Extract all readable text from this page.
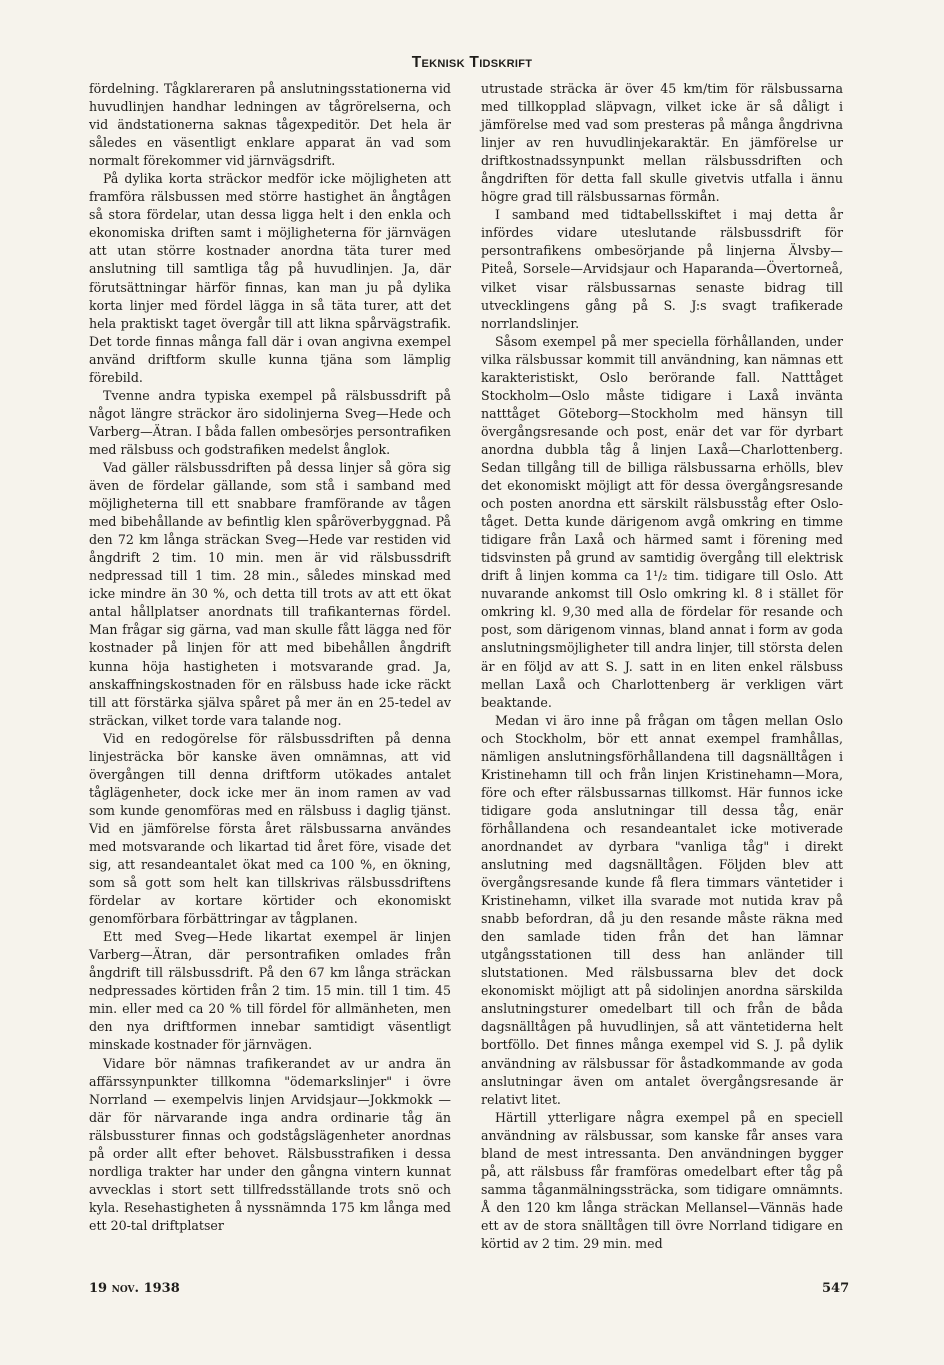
Teknisk Tidskrift

fördelning. Tågklareraren på anslutningsstationerna vid huvudlinjen handhar ledningen av tågrörelserna, och vid ändstationerna saknas tågexpeditör. Det hela är således en väsentligt enklare apparat än vad som normalt förekommer vid järnvägsdrift.

På dylika korta sträckor medför icke möjligheten att framföra rälsbussen med större hastighet än ångtågen så stora fördelar, utan dessa ligga helt i den enkla och ekonomiska driften samt i möjligheterna för järnvägen att utan större kostnader anordna täta turer med anslutning till samtliga tåg på huvudlinjen. Ja, där förutsättningar härför finnas, kan man ju på dylika korta linjer med fördel lägga in så täta turer, att det hela praktiskt taget övergår till att likna spårvägstrafik. Det torde finnas många fall där i ovan angivna exempel använd driftform skulle kunna tjäna som lämplig förebild.

Tvenne andra typiska exempel på rälsbussdrift på något längre sträckor äro sidolinjerna Sveg—Hede och Varberg—Ätran. I båda fallen ombesörjes persontrafiken med rälsbuss och godstrafiken medelst ånglok.

Vad gäller rälsbussdriften på dessa linjer så göra sig även de fördelar gällande, som stå i samband med möjligheterna till ett snabbare framförande av tågen med bibehållande av befintlig klen spåröverbyggnad. På den 72 km långa sträckan Sveg—Hede var restiden vid ångdrift 2 tim. 10 min. men är vid rälsbussdrift nedpressad till 1 tim. 28 min., således minskad med icke mindre än 30 %, och detta till trots av att ett ökat antal hållplatser anordnats till trafikanternas fördel. Man frågar sig gärna, vad man skulle fått lägga ned för kostnader på linjen för att med bibehållen ångdrift kunna höja hastigheten i motsvarande grad. Ja, anskaffningskostnaden för en rälsbuss hade icke räckt till att förstärka själva spåret på mer än en 25-tedel av sträckan, vilket torde vara talande nog.

Vid en redogörelse för rälsbussdriften på denna linjesträcka bör kanske även omnämnas, att vid övergången till denna driftform utökades antalet tåglägenheter, dock icke mer än inom ramen av vad som kunde genomföras med en rälsbuss i daglig tjänst. Vid en jämförelse första året rälsbussarna användes med motsvarande och likartad tid året före, visade det sig, att resandeantalet ökat med ca 100 %, en ökning, som så gott som helt kan tillskrivas rälsbussdriftens fördelar av kortare körtider och ekonomiskt genomförbara förbättringar av tågplanen.

Ett med Sveg—Hede likartat exempel är linjen Varberg—Ätran, där persontrafiken omlades från ångdrift till rälsbussdrift. På den 67 km långa sträckan nedpressades körtiden från 2 tim. 15 min. till 1 tim. 45 min. eller med ca 20 % till fördel för allmänheten, men den nya driftformen innebar samtidigt väsentligt minskade kostnader för järnvägen.

Vidare bör nämnas trafikerandet av ur andra än affärssynpunkter tillkomna "ödemarkslinjer" i övre Norrland — exempelvis linjen Arvidsjaur—Jokkmokk — där för närvarande inga andra ordinarie tåg än rälsbussturer finnas och godstågslägenheter anordnas på order allt efter behovet. Rälsbusstrafiken i dessa nordliga trakter har under den gångna vintern kunnat avvecklas i stort sett tillfredsställande trots snö och kyla. Resehastigheten å nyssnämnda 175 km långa med ett 20-tal driftplatser

utrustade sträcka är över 45 km/tim för rälsbussarna med tillkopplad släpvagn, vilket icke är så dåligt i jämförelse med vad som presteras på många ångdrivna linjer av ren huvudlinjekaraktär. En jämförelse ur driftkostnadssynpunkt mellan rälsbussdriften och ångdriften för detta fall skulle givetvis utfalla i ännu högre grad till rälsbussarnas förmån.

I samband med tidtabellsskiftet i maj detta år infördes vidare uteslutande rälsbussdrift för persontrafikens ombesörjande på linjerna Älvsby—Piteå, Sorsele—Arvidsjaur och Haparanda—Övertorneå, vilket visar rälsbussarnas senaste bidrag till utvecklingens gång på S. J:s svagt trafikerade norrlandslinjer.

Såsom exempel på mer speciella förhållanden, under vilka rälsbussar kommit till användning, kan nämnas ett karakteristiskt, Oslo berörande fall. Natttåget Stockholm—Oslo måste tidigare i Laxå invänta natttåget Göteborg—Stockholm med hänsyn till övergångsresande och post, enär det var för dyrbart anordna dubbla tåg å linjen Laxå—Charlottenberg. Sedan tillgång till de billiga rälsbussarna erhölls, blev det ekonomiskt möjligt att för dessa övergångsresande och posten anordna ett särskilt rälsbusståg efter Oslo-tåget. Detta kunde därigenom avgå omkring en timme tidigare från Laxå och härmed samt i förening med tidsvinsten på grund av samtidig övergång till elektrisk drift å linjen komma ca 1¹/₂ tim. tidigare till Oslo. Att nuvarande ankomst till Oslo omkring kl. 8 i stället för omkring kl. 9,30 med alla de fördelar för resande och post, som därigenom vinnas, bland annat i form av goda anslutningsmöjligheter till andra linjer, till största delen är en följd av att S. J. satt in en liten enkel rälsbuss mellan Laxå och Charlottenberg är verkligen värt beaktande.

Medan vi äro inne på frågan om tågen mellan Oslo och Stockholm, bör ett annat exempel framhållas, nämligen anslutningsförhållandena till dagsnälltågen i Kristinehamn till och från linjen Kristinehamn—Mora, före och efter rälsbussarnas tillkomst. Här funnos icke tidigare goda anslutningar till dessa tåg, enär förhållandena och resandeantalet icke motiverade anordnandet av dyrbara "vanliga tåg" i direkt anslutning med dagsnälltågen. Följden blev att övergångsresande kunde få flera timmars väntetider i Kristinehamn, vilket illa svarade mot nutida krav på snabb befordran, då ju den resande måste räkna med den samlade tiden från det han lämnar utgångsstationen till dess han anländer till slutstationen. Med rälsbussarna blev det dock ekonomiskt möjligt att på sidolinjen anordna särskilda anslutningsturer omedelbart till och från de båda dagsnälltågen på huvudlinjen, så att väntetiderna helt bortföllo. Det finnes många exempel vid S. J. på dylik användning av rälsbussar för åstadkommande av goda anslutningar även om antalet övergångsresande är relativt litet.

Härtill ytterligare några exempel på en speciell användning av rälsbussar, som kanske får anses vara bland de mest intressanta. Den användningen bygger på, att rälsbuss får framföras omedelbart efter tåg på samma tåganmälningssträcka, som tidigare omnämnts. Å den 120 km långa sträckan Mellansel—Vännäs hade ett av de stora snälltågen till övre Norrland tidigare en körtid av 2 tim. 29 min. med

19 nov. 1938	547
